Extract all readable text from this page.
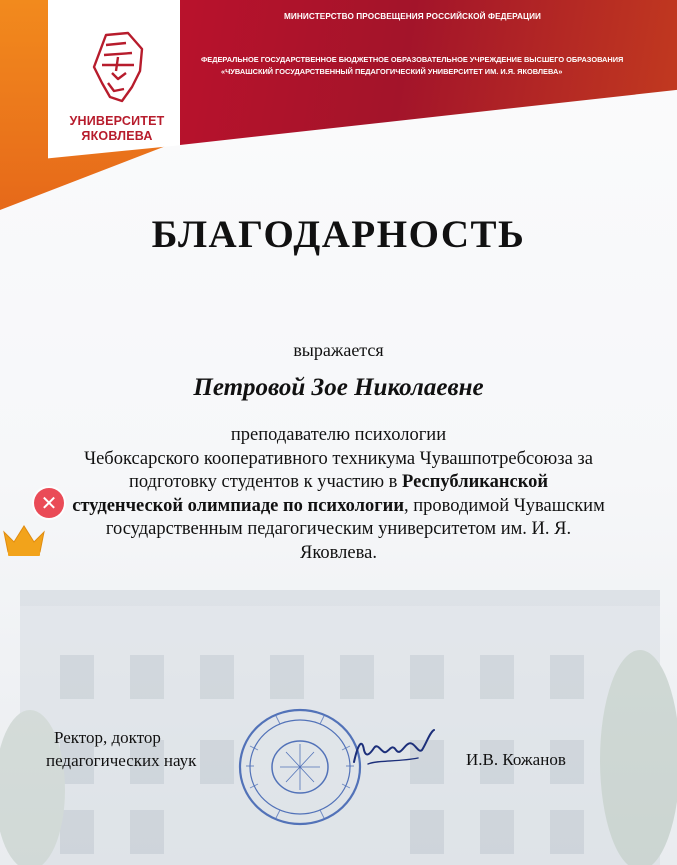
УНИВЕРСИТЕТ
ЯКОВЛЕВА
МИНИСТЕРСТВО ПРОСВЕЩЕНИЯ РОССИЙСКОЙ ФЕДЕРАЦИИ
ФЕДЕРАЛЬНОЕ ГОСУДАРСТВЕННОЕ БЮДЖЕТНОЕ ОБРАЗОВАТЕЛЬНОЕ УЧРЕЖДЕНИЕ ВЫСШЕГО ОБРАЗОВАНИЯ
«ЧУВАШСКИЙ ГОСУДАРСТВЕННЫЙ ПЕДАГОГИЧЕСКИЙ УНИВЕРСИТЕТ ИМ. И.Я. ЯКОВЛЕВА»
БЛАГОДАРНОСТЬ
выражается
Петровой Зое Николаевне
преподавателю психологии
Чебоксарского кооперативного техникума Чувашпотребсоюза за
подготовку студентов к участию в Республиканской
студенческой олимпиаде по психологии, проводимой Чувашским
государственным педагогическим университетом им. И. Я.
Яковлева.
Ректор, доктор
педагогических наук	И.В. Кожанов
✕
